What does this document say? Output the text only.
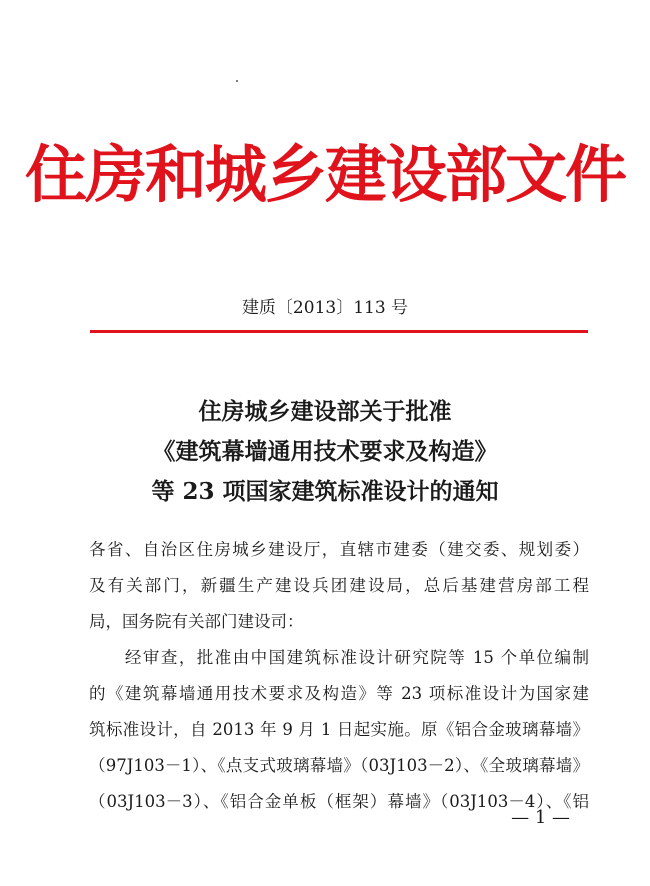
住房和城乡建设部文件
建质〔2013〕113 号
住房城乡建设部关于批准
《建筑幕墙通用技术要求及构造》
等 23 项国家建筑标准设计的通知
各省、自治区住房城乡建设厅，直辖市建委（建交委、规划委）
及有关部门，新疆生产建设兵团建设局，总后基建营房部工程
局，国务院有关部门建设司：
　　经审查，批准由中国建筑标准设计研究院等 15 个单位编制
的《建筑幕墙通用技术要求及构造》等 23 项标准设计为国家建
筑标准设计，自 2013 年 9 月 1 日起实施。原《铝合金玻璃幕墙》
（97J103－1）、《点支式玻璃幕墙》（03J103－2）、《全玻璃幕墙》
（03J103－3）、《铝合金单板（框架）幕墙》（03J103－4）、《铝
— 1 —
